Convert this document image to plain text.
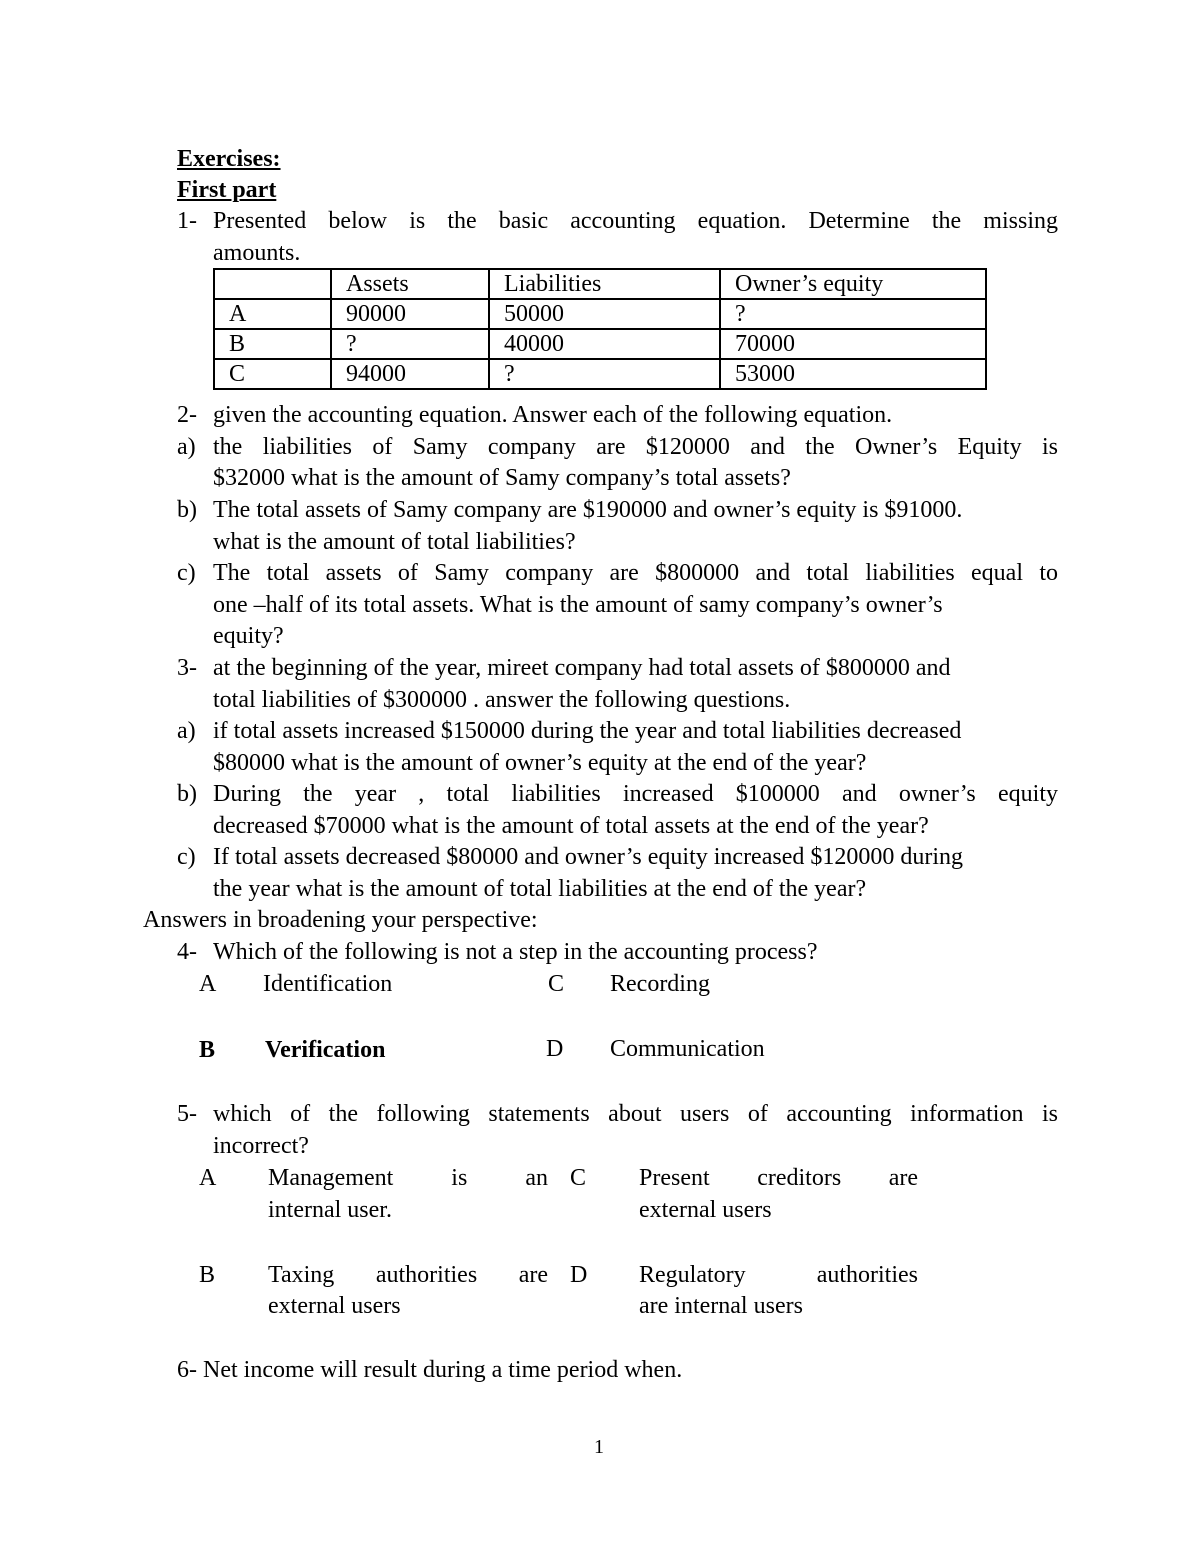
Exercises:
First part
1- Presented below is the basic accounting equation. Determine the missing
amounts.
	Assets	Liabilities	Owner’s equity
A	90000	50000	?
B	?	40000	70000
C	94000	?	53000
2- given the accounting equation. Answer each of the following equation.
a) the liabilities of Samy company are $120000 and the Owner’s Equity is
$32000 what is the amount of Samy company’s total assets?
b) The total assets of Samy company are $190000 and owner’s equity is $91000.
what is the amount of total liabilities?
c) The total assets of Samy company are $800000 and total liabilities equal to
one –half of its total assets. What is the amount of samy company’s owner’s
equity?
3- at the beginning of the year, mireet company had total assets of $800000 and
total liabilities of $300000 . answer the following questions.
a) if total assets increased $150000 during the year and total liabilities decreased
$80000 what is the amount of owner’s equity at the end of the year?
b) During the year , total liabilities increased $100000 and owner’s equity
decreased $70000 what is the amount of total assets at the end of the year?
c) If total assets decreased $80000 and owner’s equity increased $120000 during
the year what is the amount of total liabilities at the end of the year?
Answers in broadening your perspective:
4- Which of the following is not a step in the accounting process?
A Identification	C Recording
B Verification	D Communication
5- which of the following statements about users of accounting information is
incorrect?
A Management is an
internal user.
C Present creditors are
external users
B Taxing authorities are
external users
D Regulatory authorities
are internal users
6- Net income will result during a time period when.
1
